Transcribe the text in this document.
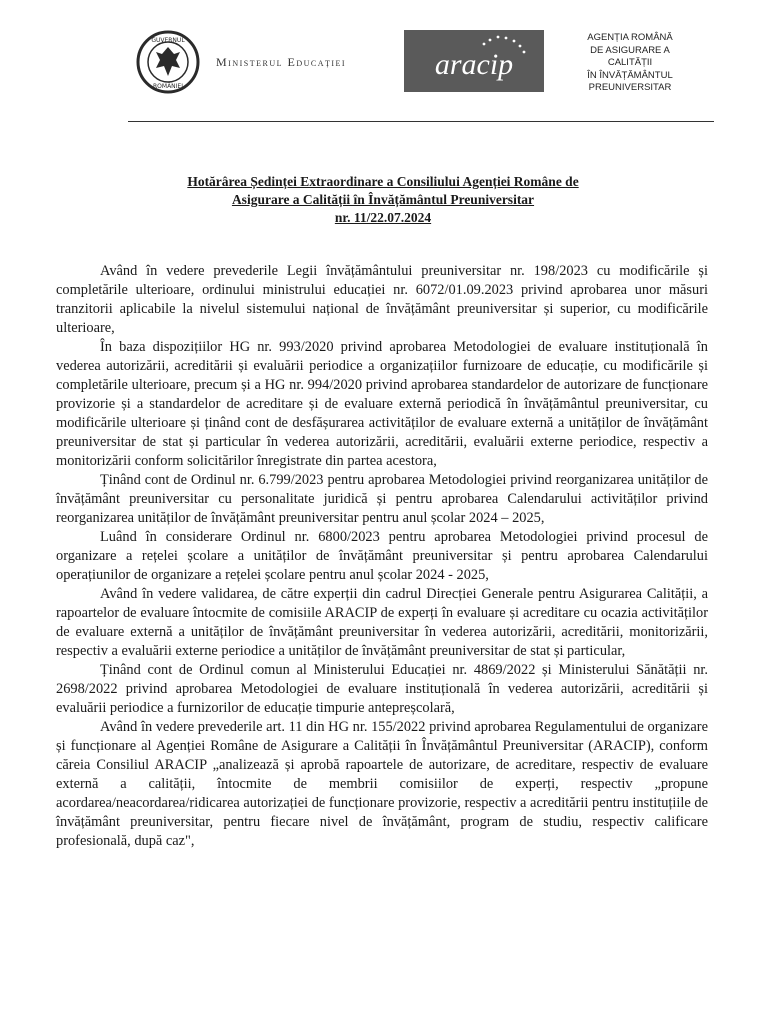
GUVERNUL
ROMÂNIEI
Ministerul Educației	aracip
AGENȚIA ROMÂNĂ
DE ASIGURARE A
CALITĂȚII
ÎN ÎNVĂȚĂMÂNTUL
PREUNIVERSITAR
Hotărârea Ședinței Extraordinare a Consiliului Agenției Române de
Asigurare a Calității în Învățământul Preuniversitar
nr. 11/22.07.2024

Având în vedere prevederile Legii învățământului preuniversitar nr. 198/2023 cu modificările și completările ulterioare, ordinului ministrului educației nr. 6072/01.09.2023 privind aprobarea unor măsuri tranzitorii aplicabile la nivelul sistemului național de învățământ preuniversitar și superior, cu modificările ulterioare,

În baza dispozițiilor HG nr. 993/2020 privind aprobarea Metodologiei de evaluare instituțională în vederea autorizării, acreditării și evaluării periodice a organizațiilor furnizoare de educație, cu modificările și completările ulterioare, precum și a HG nr. 994/2020 privind aprobarea standardelor de autorizare de funcționare provizorie și a standardelor de acreditare și de evaluare externă periodică în învățământul preuniversitar, cu modificările ulterioare și ținând cont de desfășurarea activităților de evaluare externă a unităților de învățământ preuniversitar de stat și particular în vederea autorizării, acreditării, evaluării externe periodice, respectiv a monitorizării conform solicitărilor înregistrate din partea acestora,

Ținând cont de Ordinul nr. 6.799/2023 pentru aprobarea Metodologiei privind reorganizarea unităților de învățământ preuniversitar cu personalitate juridică și pentru aprobarea Calendarului activităților privind reorganizarea unităților de învățământ preuniversitar pentru anul școlar 2024 – 2025,

Luând în considerare Ordinul nr. 6800/2023 pentru aprobarea Metodologiei privind procesul de organizare a rețelei școlare a unităților de învățământ preuniversitar și pentru aprobarea Calendarului operațiunilor de organizare a rețelei școlare pentru anul școlar 2024 - 2025,

Având în vedere validarea, de către experții din cadrul Direcției Generale pentru Asigurarea Calității, a rapoartelor de evaluare întocmite de comisiile ARACIP de experți în evaluare și acreditare cu ocazia activităților de evaluare externă a unităților de învățământ preuniversitar în vederea autorizării, acreditării, monitorizării, respectiv a evaluării externe periodice a unităților de învățământ preuniversitar de stat și particular,

Ținând cont de Ordinul comun al Ministerului Educației nr. 4869/2022 și Ministerului Sănătății nr. 2698/2022 privind aprobarea Metodologiei de evaluare instituțională în vederea autorizării, acreditării și evaluării periodice a furnizorilor de educație timpurie antepreșcolară,

Având în vedere prevederile art. 11 din HG nr. 155/2022 privind aprobarea Regulamentului de organizare și funcționare al Agenției Române de Asigurare a Calității în Învățământul Preuniversitar (ARACIP), conform căreia Consiliul ARACIP „analizează și aprobă rapoartele de autorizare, de acreditare, respectiv de evaluare externă a calității, întocmite de membrii comisiilor de experți, respectiv „propune acordarea/neacordarea/ridicarea autorizației de funcționare provizorie, respectiv a acreditării pentru instituțiile de învățământ preuniversitar, pentru fiecare nivel de învățământ, program de studiu, respectiv calificare profesională, după caz",
